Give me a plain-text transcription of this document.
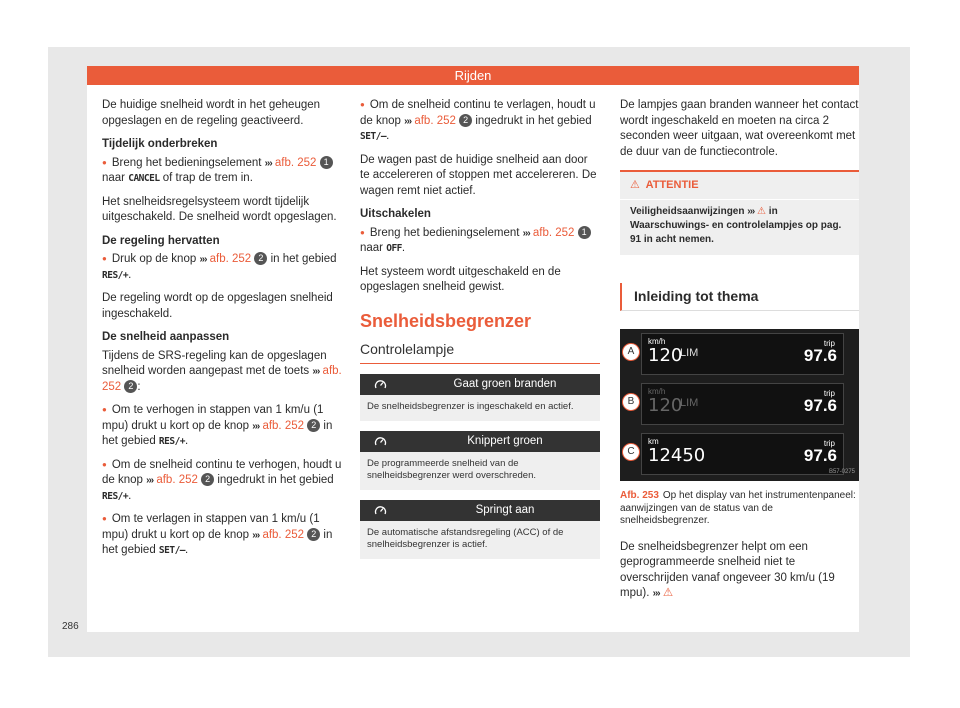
Rijden

De huidige snelheid wordt in het geheugen opgeslagen en de regeling geactiveerd.

Tijdelijk onderbreken

● Breng het bedieningselement ››› afb. 252 1 naar CANCEL of trap de trem in.

Het snelheidsregelsysteem wordt tijdelijk uitgeschakeld. De snelheid wordt opgeslagen.

De regeling hervatten

● Druk op de knop ››› afb. 252 2 in het gebied RES/+.

De regeling wordt op de opgeslagen snelheid ingeschakeld.

De snelheid aanpassen

Tijdens de SRS-regeling kan de opgeslagen snelheid worden aangepast met de toets ››› afb. 252 2 :

● Om te verhogen in stappen van 1 km/u (1 mpu) drukt u kort op de knop ››› afb. 252 2 in het gebied RES/+.

● Om de snelheid continu te verhogen, houdt u de knop ››› afb. 252 2 ingedrukt in het gebied RES/+.

● Om te verlagen in stappen van 1 km/u (1 mpu) drukt u kort op de knop ››› afb. 252 2 in het gebied SET/–.

● Om de snelheid continu te verlagen, houdt u de knop ››› afb. 252 2 ingedrukt in het gebied SET/–.

De wagen past de huidige snelheid aan door te accelereren of stoppen met accelereren. De wagen remt niet actief.

Uitschakelen

● Breng het bedieningselement ››› afb. 252 1 naar OFF.

Het systeem wordt uitgeschakeld en de opgeslagen snelheid gewist.

Snelheidsbegrenzer
Controlelampje
Gaat groen branden
De snelheidsbegrenzer is ingeschakeld en actief.
Knippert groen
De programmeerde snelheid van de snelheidsbegrenzer werd overschreden.
Springt aan
De automatische afstandsregeling (ACC) of de snelheidsbegrenzer is actief.

De lampjes gaan branden wanneer het contact wordt ingeschakeld en moeten na circa 2 seconden weer uitgaan, wat overeenkomt met de duur van de functiecontrole.

⚠ ATTENTIE
Veiligheidsaanwijzingen ››› ⚠ in Waarschuwings- en controlelampjes op pag. 91 in acht nemen.
Inleiding tot thema
A
km/h
120
LIM
trip
97.6
B
km/h
120
LIM
trip
97.6
C
km
12450
trip
97.6
B57-0275
Afb. 253 Op het display van het instrumentenpaneel: aanwijzingen van de status van de snelheidsbegrenzer.

De snelheidsbegrenzer helpt om een geprogrammeerde snelheid niet te overschrijden vanaf ongeveer 30 km/u (19 mpu). ››› ⚠

286
